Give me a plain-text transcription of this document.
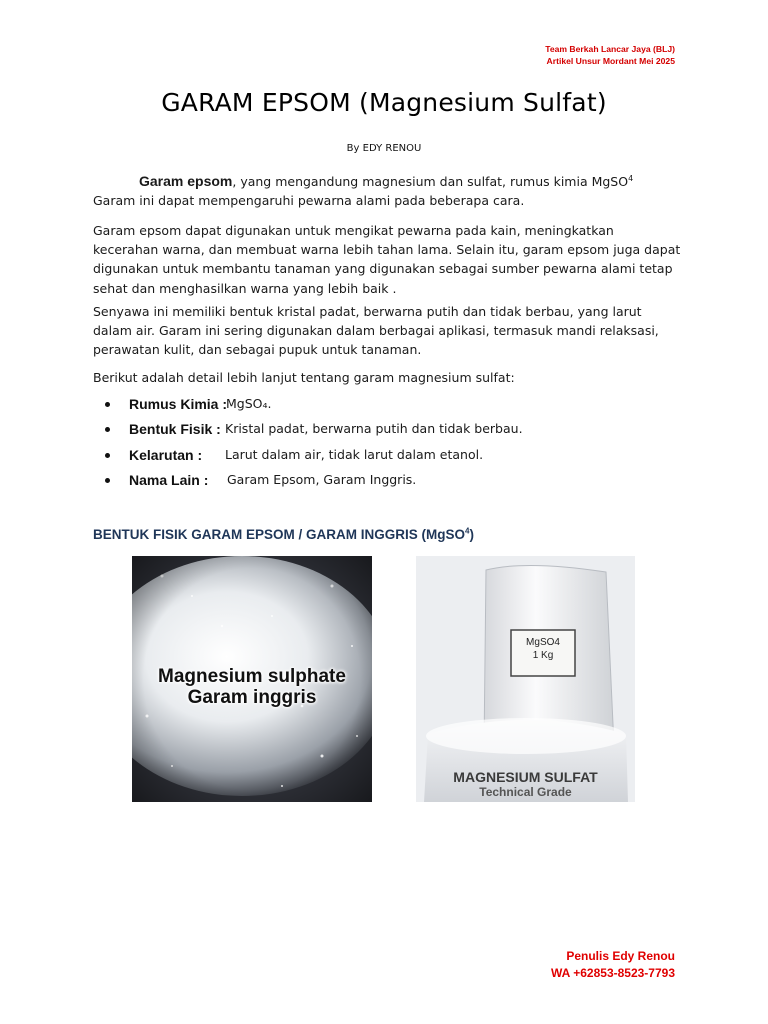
Team Berkah Lancar Jaya (BLJ)
Artikel Unsur Mordant Mei 2025
GARAM EPSOM (Magnesium Sulfat)
By EDY RENOU

Garam epsom, yang mengandung magnesium dan sulfat, rumus kimia MgSO$^4$
Garam ini dapat mempengaruhi pewarna alami pada beberapa cara.

Garam epsom dapat digunakan untuk mengikat pewarna pada kain, meningkatkan kecerahan warna, dan membuat warna lebih tahan lama. Selain itu, garam epsom juga dapat digunakan untuk membantu tanaman yang digunakan sebagai sumber pewarna alami tetap sehat dan menghasilkan warna yang lebih baik .

Senyawa ini memiliki bentuk kristal padat, berwarna putih dan tidak berbau, yang larut dalam air. Garam ini sering digunakan dalam berbagai aplikasi, termasuk mandi relaksasi, perawatan kulit, dan sebagai pupuk untuk tanaman.

Berikut adalah detail lebih lanjut tentang garam magnesium sulfat:

Rumus Kimia :
MgSO₄.
Bentuk Fisik : Kristal padat, berwarna putih dan tidak berbau.
Kelarutan : Larut dalam air, tidak larut dalam etanol.
Nama Lain : Garam Epsom, Garam Inggris.
BENTUK FISIK GARAM EPSOM / GARAM INGGRIS (MgSO$^4$)
Magnesium sulphate
Garam inggris
MgSO4
1 Kg
MAGNESIUM SULFAT
Technical Grade
Penulis Edy Renou
WA +62853-8523-7793
